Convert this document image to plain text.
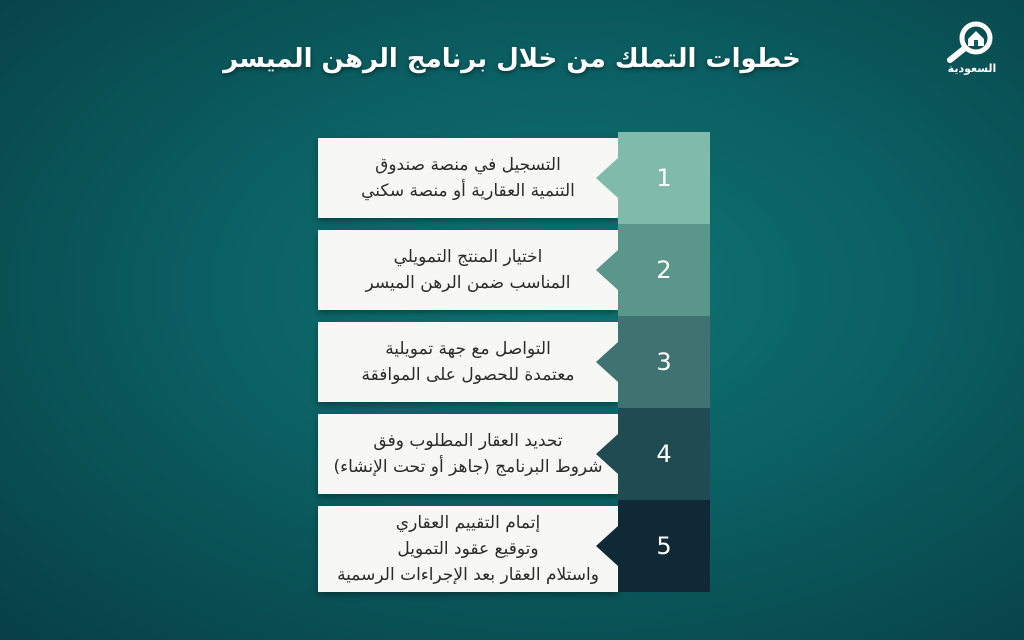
خطوات التملك من خلال برنامج الرهن الميسر	السعودية
التسجيل في منصة صندوق
التنمية العقارية أو منصة سكني	1
اختيار المنتج التمويلي
المناسب ضمن الرهن الميسر	2
التواصل مع جهة تمويلية
معتمدة للحصول على الموافقة	3
تحديد العقار المطلوب وفق
شروط البرنامج (جاهز أو تحت الإنشاء) 4
إتمام التقييم العقاري
وتوقيع عقود التمويل
واستلام العقار بعد الإجراءات الرسمية
5
